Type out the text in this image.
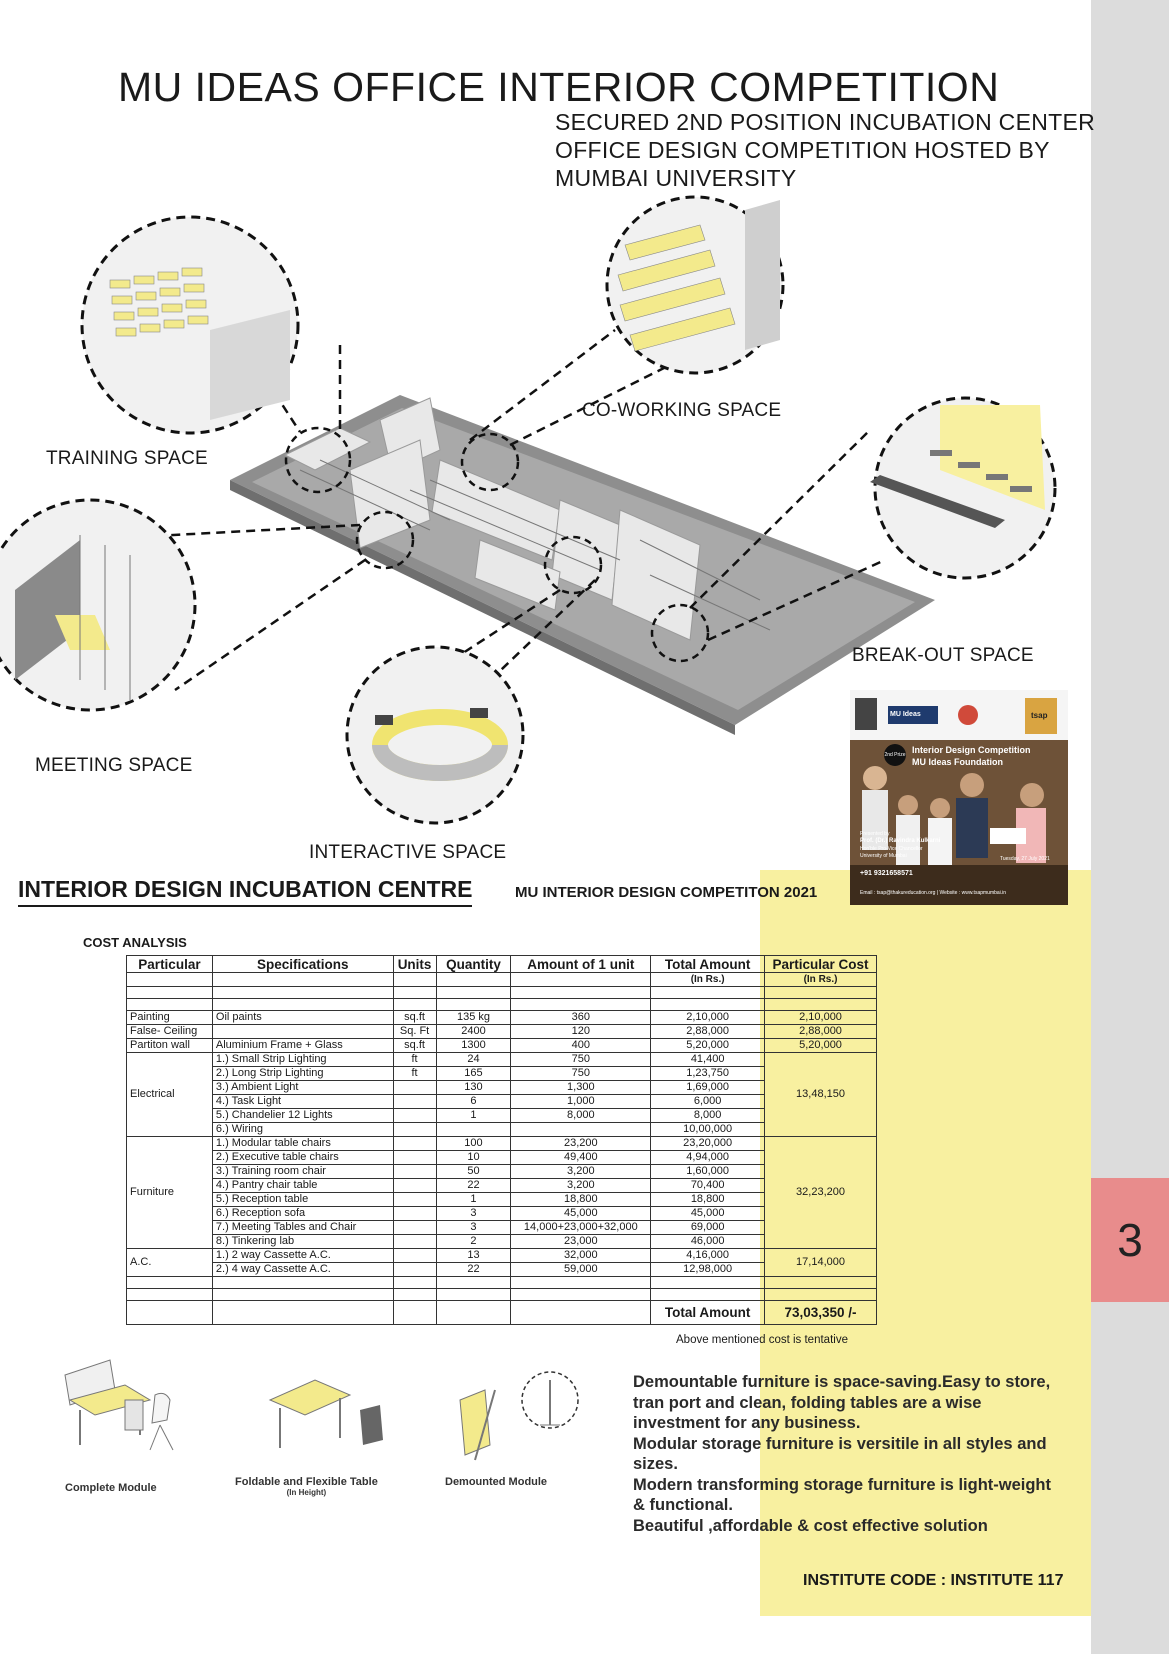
3
MU IDEAS OFFICE INTERIOR COMPETITION
SECURED 2ND POSITION INCUBATION CENTER
OFFICE DESIGN COMPETITION HOSTED BY
MUMBAI UNIVERSITY
TRAINING SPACE
CO-WORKING SPACE
BREAK-OUT SPACE
MEETING SPACE
INTERACTIVE SPACE
2nd Prize
MU Ideas	tsap
Interior Design Competition
MU Ideas Foundation
Presented by
Prof. (Dr.) Ravindra Kulkarni
Hon'ble Pro-Vice Chancellor
University of Mumbai	Tuesday, 27 July 2021
+91 9321658571
Email : tsap@thakureducation.org | Website : www.tsapmumbai.in
INTERIOR DESIGN INCUBATION CENTRE	MU INTERIOR DESIGN COMPETITON 2021
COST ANALYSIS
Particular	Specifications	Units	Quantity	Amount of 1 unit	Total Amount	Particular Cost
					(In Rs.)	(In Rs.)

Painting	Oil paints	sq.ft	135 kg	360	2,10,000	2,10,000
False- Ceiling		Sq. Ft	2400	120	2,88,000	2,88,000
Partiton wall	Aluminium Frame + Glass	sq.ft	1300	400	5,20,000	5,20,000
Electrical	1.) Small Strip Lighting	ft	24	750	41,400	13,48,150
	2.) Long Strip Lighting	ft	165	750	1,23,750	
	3.) Ambient Light		130	1,300	1,69,000	
	4.) Task Light		6	1,000	6,000	
	5.) Chandelier 12 Lights		1	8,000	8,000	
	6.) Wiring				10,00,000	
Furniture	1.) Modular table chairs		100	23,200	23,20,000	32,23,200
	2.) Executive table chairs		10	49,400	4,94,000	
	3.) Training room chair		50	3,200	1,60,000	
	4.) Pantry chair table		22	3,200	70,400	
	5.) Reception table		1	18,800	18,800	
	6.) Reception sofa		3	45,000	45,000	
	7.) Meeting Tables and Chair		3	14,000+23,000+32,000	69,000	
	8.) Tinkering lab		2	23,000	46,000	
A.C.	1.) 2 way Cassette A.C.		13	32,000	4,16,000	17,14,000
	2.) 4 way Cassette A.C.		22	59,000	12,98,000	

					Total Amount	73,03,350 /-
Above mentioned cost is tentative
Complete Module	Foldable and Flexible Table
(In Height)
Demounted Module

Demountable furniture is space-saving.Easy to store, tran port and clean, folding tables are a wise investment for any business.

Modular storage furniture is versitile in all styles and sizes.

Modern transforming storage furniture is light-weight & functional.

Beautiful ,affordable & cost effective solution

INSTITUTE CODE : INSTITUTE 117
